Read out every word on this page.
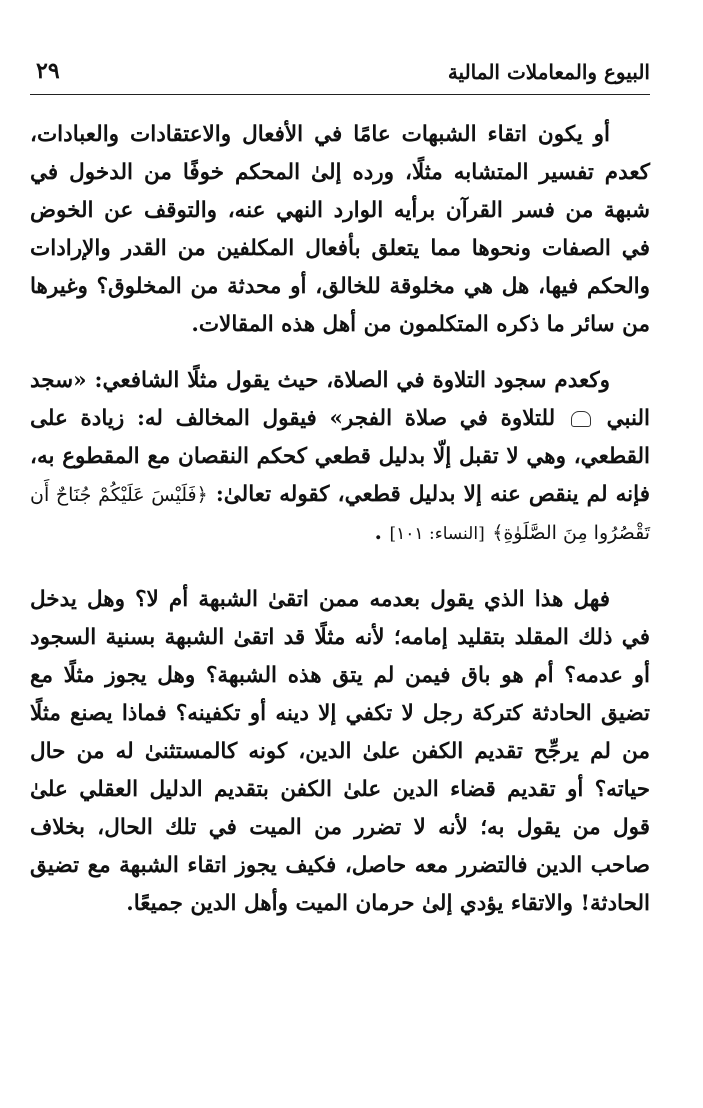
البيوع والمعاملات المالية
٢٩

أو يكون اتقاء الشبهات عامًا في الأفعال والاعتقادات والعبادات، كعدم تفسير المتشابه مثلًا، ورده إلىٰ المحكم خوفًا من الدخول في شبهة من فسر القرآن برأيه الوارد النهي عنه، والتوقف عن الخوض في الصفات ونحوها مما يتعلق بأفعال المكلفين من القدر والإرادات والحكم فيها، هل هي مخلوقة للخالق، أو محدثة من المخلوق؟ وغيرها من سائر ما ذكره المتكلمون من أهل هذه المقالات.

وكعدم سجود التلاوة في الصلاة، حيث يقول مثلًا الشافعي: «سجد النبي  للتلاوة في صلاة الفجر» فيقول المخالف له: زيادة على القطعي، وهي لا تقبل إلّا بدليل قطعي كحكم النقصان مع المقطوع به، فإنه لم ينقص عنه إلا بدليل قطعي، كقوله تعالىٰ: ﴿فَلَيْسَ عَلَيْكُمْ جُنَاحٌ أَن تَقْصُرُوا مِنَ الصَّلَوٰةِ﴾ [النساء: ١٠١] .

فهل هذا الذي يقول بعدمه ممن اتقىٰ الشبهة أم لا؟ وهل يدخل في ذلك المقلد بتقليد إمامه؛ لأنه مثلًا قد اتقىٰ الشبهة بسنية السجود أو عدمه؟ أم هو باق فيمن لم يتق هذه الشبهة؟ وهل يجوز مثلًا مع تضيق الحادثة كتركة رجل لا تكفي إلا دينه أو تكفينه؟ فماذا يصنع مثلًا من لم يرجِّح تقديم الكفن علىٰ الدين، كونه كالمستثنىٰ له من حال حياته؟ أو تقديم قضاء الدين علىٰ الكفن بتقديم الدليل العقلي علىٰ قول من يقول به؛ لأنه لا تضرر من الميت في تلك الحال، بخلاف صاحب الدين فالتضرر معه حاصل، فكيف يجوز اتقاء الشبهة مع تضيق الحادثة! والاتقاء يؤدي إلىٰ حرمان الميت وأهل الدين جميعًا.
